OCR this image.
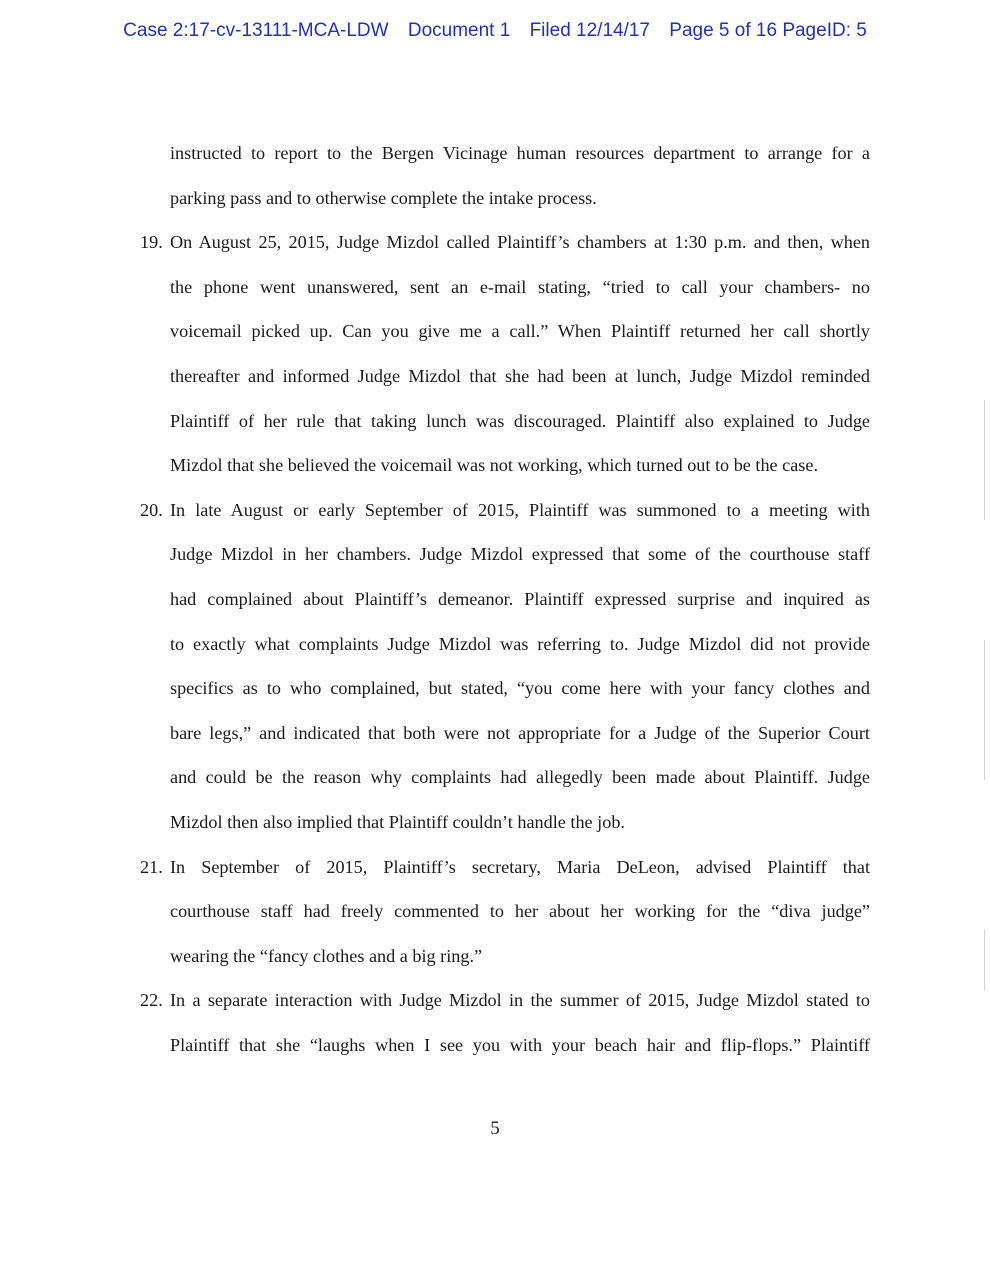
Case 2:17-cv-13111-MCA-LDW Document 1 Filed 12/14/17 Page 5 of 16 PageID: 5
instructed to report to the Bergen Vicinage human resources department to arrange for a
parking pass and to otherwise complete the intake process.
19. On August 25, 2015, Judge Mizdol called Plaintiff’s chambers at 1:30 p.m. and then, when
the phone went unanswered, sent an e-mail stating, “tried to call your chambers- no
voicemail picked up. Can you give me a call.” When Plaintiff returned her call shortly
thereafter and informed Judge Mizdol that she had been at lunch, Judge Mizdol reminded
Plaintiff of her rule that taking lunch was discouraged. Plaintiff also explained to Judge
Mizdol that she believed the voicemail was not working, which turned out to be the case.
20. In late August or early September of 2015, Plaintiff was summoned to a meeting with
Judge Mizdol in her chambers. Judge Mizdol expressed that some of the courthouse staff
had complained about Plaintiff’s demeanor. Plaintiff expressed surprise and inquired as
to exactly what complaints Judge Mizdol was referring to. Judge Mizdol did not provide
specifics as to who complained, but stated, “you come here with your fancy clothes and
bare legs,” and indicated that both were not appropriate for a Judge of the Superior Court
and could be the reason why complaints had allegedly been made about Plaintiff. Judge
Mizdol then also implied that Plaintiff couldn’t handle the job.
21. In September of 2015, Plaintiff’s secretary, Maria DeLeon, advised Plaintiff that
courthouse staff had freely commented to her about her working for the “diva judge”
wearing the “fancy clothes and a big ring.”
22. In a separate interaction with Judge Mizdol in the summer of 2015, Judge Mizdol stated to
Plaintiff that she “laughs when I see you with your beach hair and flip-flops.” Plaintiff
5
